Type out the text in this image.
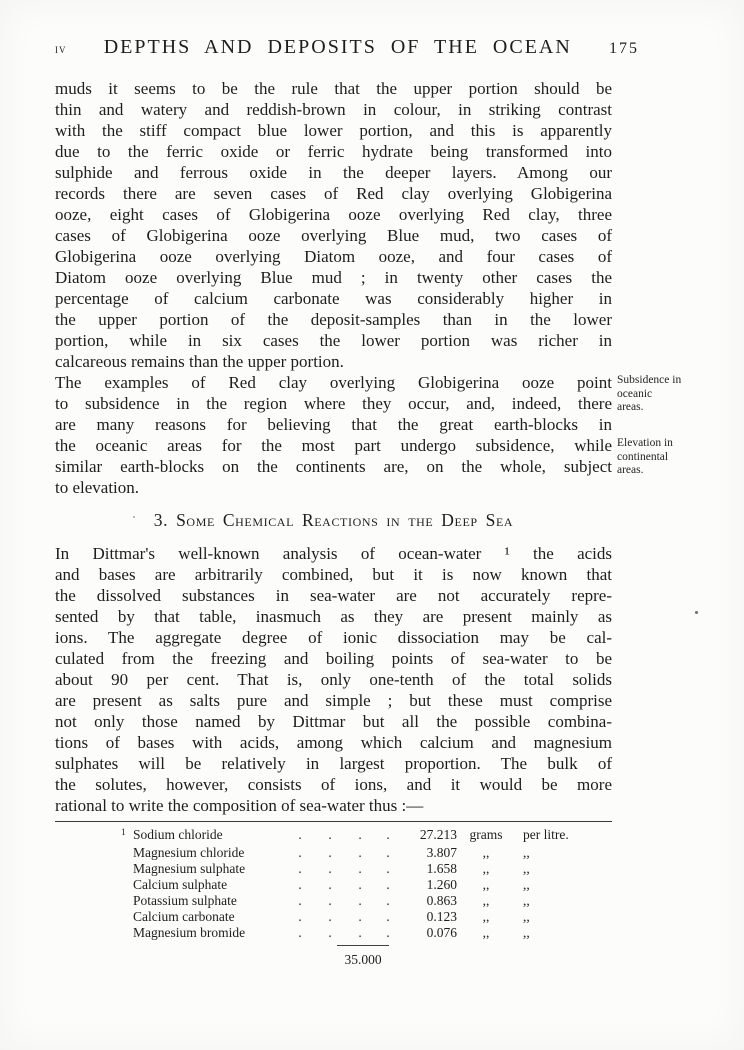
iv	DEPTHS AND DEPOSITS OF THE OCEAN	175
muds it seems to be the rule that the upper portion should be
thin and watery and reddish-brown in colour, in striking contrast
with the stiff compact blue lower portion, and this is apparently
due to the ferric oxide or ferric hydrate being transformed into
sulphide and ferrous oxide in the deeper layers. Among our
records there are seven cases of Red clay overlying Globigerina
ooze, eight cases of Globigerina ooze overlying Red clay, three
cases of Globigerina ooze overlying Blue mud, two cases of
Globigerina ooze overlying Diatom ooze, and four cases of
Diatom ooze overlying Blue mud ; in twenty other cases the
percentage of calcium carbonate was considerably higher in
the upper portion of the deposit-samples than in the lower
portion, while in six cases the lower portion was richer in
calcareous remains than the upper portion.
The examples of Red clay overlying Globigerina ooze point
to subsidence in the region where they occur, and, indeed, there
are many reasons for believing that the great earth-blocks in
the oceanic areas for the most part undergo subsidence, while
similar earth-blocks on the continents are, on the whole, subject
to elevation.
3. Some Chemical Reactions in the Deep Sea
In Dittmar's well-known analysis of ocean-water ¹ the acids
and bases are arbitrarily combined, but it is now known that
the dissolved substances in sea-water are not accurately repre-
sented by that table, inasmuch as they are present mainly as
ions. The aggregate degree of ionic dissociation may be cal-
culated from the freezing and boiling points of sea-water to be
about 90 per cent. That is, only one-tenth of the total solids
are present as salts pure and simple ; but these must comprise
not only those named by Dittmar but all the possible combina-
tions of bases with acids, among which calcium and magnesium
sulphates will be relatively in largest proportion. The bulk of
the solutes, however, consists of ions, and it would be more
rational to write the composition of sea-water thus :—
1 Sodium chloride	.	.	.	.	27.213 grams	per litre.
Magnesium chloride	.	.	.	.	3.807	,,	,,
Magnesium sulphate	.	.	.	.	1.658	,,	,,
Calcium sulphate	.	.	.	.	1.260	,,	,,
Potassium sulphate	.	.	.	.	0.863	,,	,,
Calcium carbonate	.	.	.	.	0.123	,,	,,
Magnesium bromide	.	.	.	.	0.076	,,	,,
35.000
Subsidence in
oceanic
areas.
Elevation in
continental
areas.
